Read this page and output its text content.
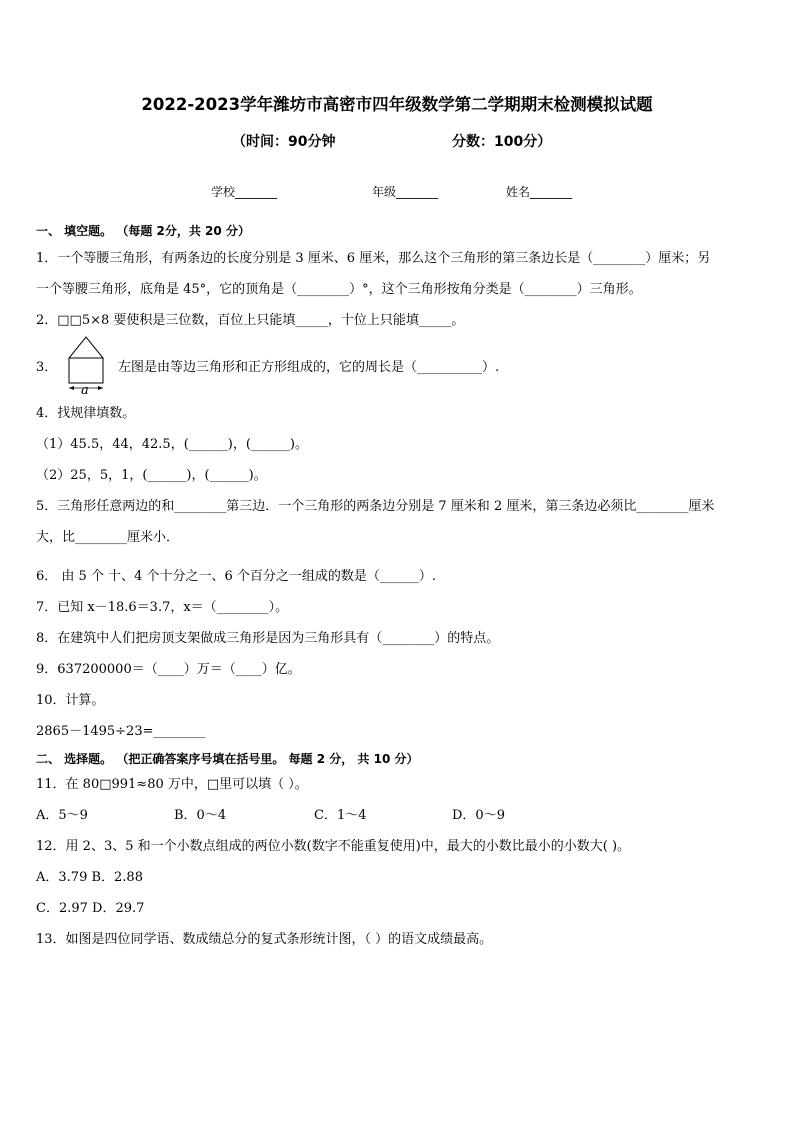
2022-2023学年潍坊市高密市四年级数学第二学期期末检测模拟试题
（时间：90分钟	分数：100分）
学校_______	年级_______	姓名_______
一、 填空题。 （每题 2分，共 20 分）
1．一个等腰三角形，有两条边的长度分别是 3 厘米、6 厘米，那么这个三角形的第三条边长是（________）厘米；另
一个等腰三角形，底角是 45°，它的顶角是（________）°，这个三角形按角分类是（________）三角形。
2．□□5×8 要使积是三位数，百位上只能填_____，十位上只能填_____。
3．
a
左图是由等边三角形和正方形组成的，它的周长是（__________）.
4．找规律填数。
（1）45.5，44，42.5，(______)，(______)。
（2）25，5，1，(______)，(______)。
5．三角形任意两边的和________第三边．一个三角形的两条边分别是 7 厘米和 2 厘米，第三条边必须比________厘米
大，比________厘米小．
6． 由 5 个 十、4 个十分之一、6 个百分之一组成的数是（______）.
7．已知 x－18.6＝3.7，x＝（________）。
8．在建筑中人们把房顶支架做成三角形是因为三角形具有（________）的特点。
9．637200000＝（____）万＝（____）亿。
10．计算。
2865－1495÷23=________
二、 选择题。 （把正确答案序号填在括号里。 每题 2 分， 共 10 分）
11．在 80□991≈80 万中，□里可以填（ ）。
A．5～9	B．0～4	C．1～4	D．0～9
12．用 2、3、5 和一个小数点组成的两位小数(数字不能重复使用)中，最大的小数比最小的小数大( )。
A．3.79 B．2.88
C．2.97 D．29.7
13．如图是四位同学语、数成绩总分的复式条形统计图，（ ）的语文成绩最高。
